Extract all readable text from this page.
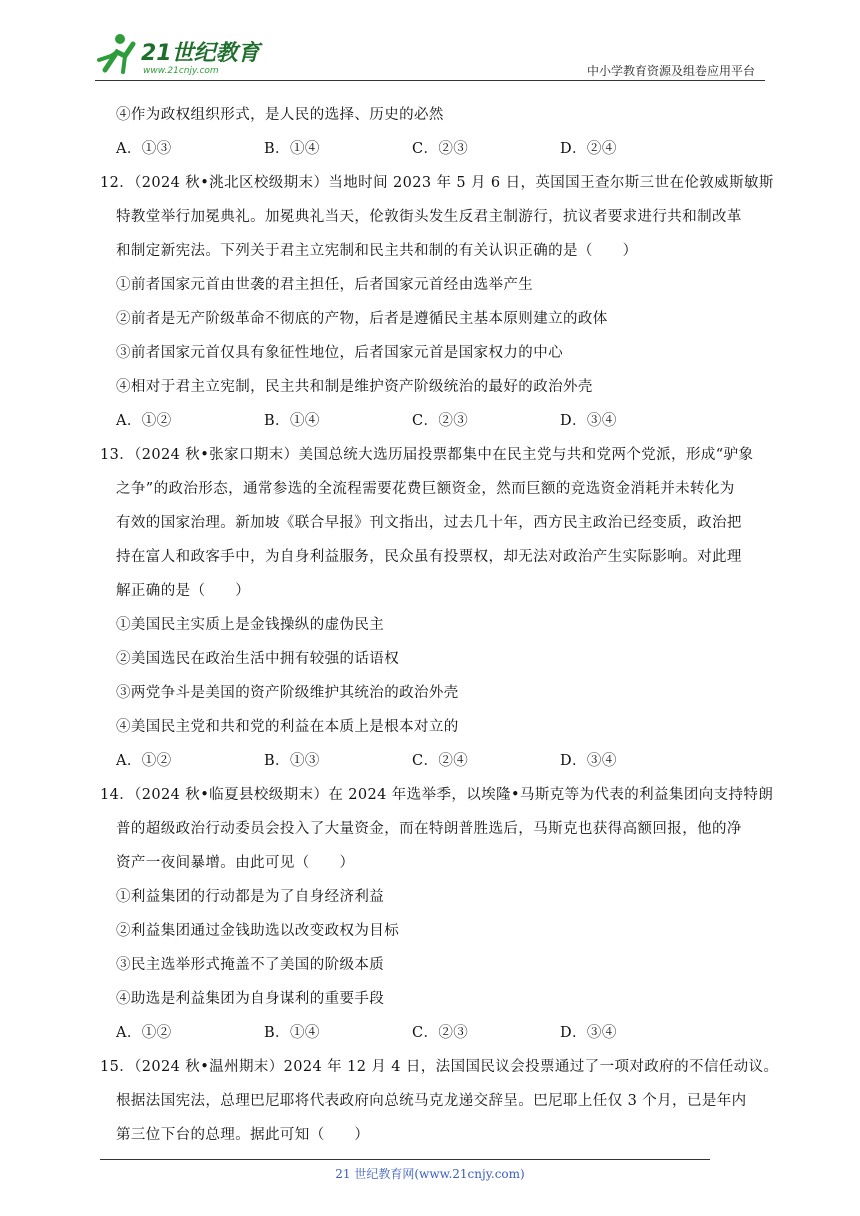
21世纪教育
www.21cnjy.com	中小学教育资源及组卷应用平台
④作为政权组织形式，是人民的选择、历史的必然
A．①③	B．①④	C．②③	D．②④
12．（2024 秋•洮北区校级期末）当地时间 2023 年 5 月 6 日，英国国王查尔斯三世在伦敦威斯敏斯
特教堂举行加冕典礼。加冕典礼当天，伦敦街头发生反君主制游行，抗议者要求进行共和制改革
和制定新宪法。下列关于君主立宪制和民主共和制的有关认识正确的是（　　）
①前者国家元首由世袭的君主担任，后者国家元首经由选举产生
②前者是无产阶级革命不彻底的产物，后者是遵循民主基本原则建立的政体
③前者国家元首仅具有象征性地位，后者国家元首是国家权力的中心
④相对于君主立宪制，民主共和制是维护资产阶级统治的最好的政治外壳
A．①②	B．①④	C．②③	D．③④
13．（2024 秋•张家口期末）美国总统大选历届投票都集中在民主党与共和党两个党派，形成“驴象
之争”的政治形态，通常参选的全流程需要花费巨额资金，然而巨额的竞选资金消耗并未转化为
有效的国家治理。新加坡《联合早报》刊文指出，过去几十年，西方民主政治已经变质，政治把
持在富人和政客手中，为自身利益服务，民众虽有投票权，却无法对政治产生实际影响。对此理
解正确的是（　　）
①美国民主实质上是金钱操纵的虚伪民主
②美国选民在政治生活中拥有较强的话语权
③两党争斗是美国的资产阶级维护其统治的政治外壳
④美国民主党和共和党的利益在本质上是根本对立的
A．①②	B．①③	C．②④	D．③④
14．（2024 秋•临夏县校级期末）在 2024 年选举季，以埃隆•马斯克等为代表的利益集团向支持特朗
普的超级政治行动委员会投入了大量资金，而在特朗普胜选后，马斯克也获得高额回报，他的净
资产一夜间暴增。由此可见（　　）
①利益集团的行动都是为了自身经济利益
②利益集团通过金钱助选以改变政权为目标
③民主选举形式掩盖不了美国的阶级本质
④助选是利益集团为自身谋利的重要手段
A．①②	B．①④	C．②③	D．③④
15．（2024 秋•温州期末）2024 年 12 月 4 日，法国国民议会投票通过了一项对政府的不信任动议。
根据法国宪法，总理巴尼耶将代表政府向总统马克龙递交辞呈。巴尼耶上任仅 3 个月，已是年内
第三位下台的总理。据此可知（　　）
21 世纪教育网(www.21cnjy.com)
